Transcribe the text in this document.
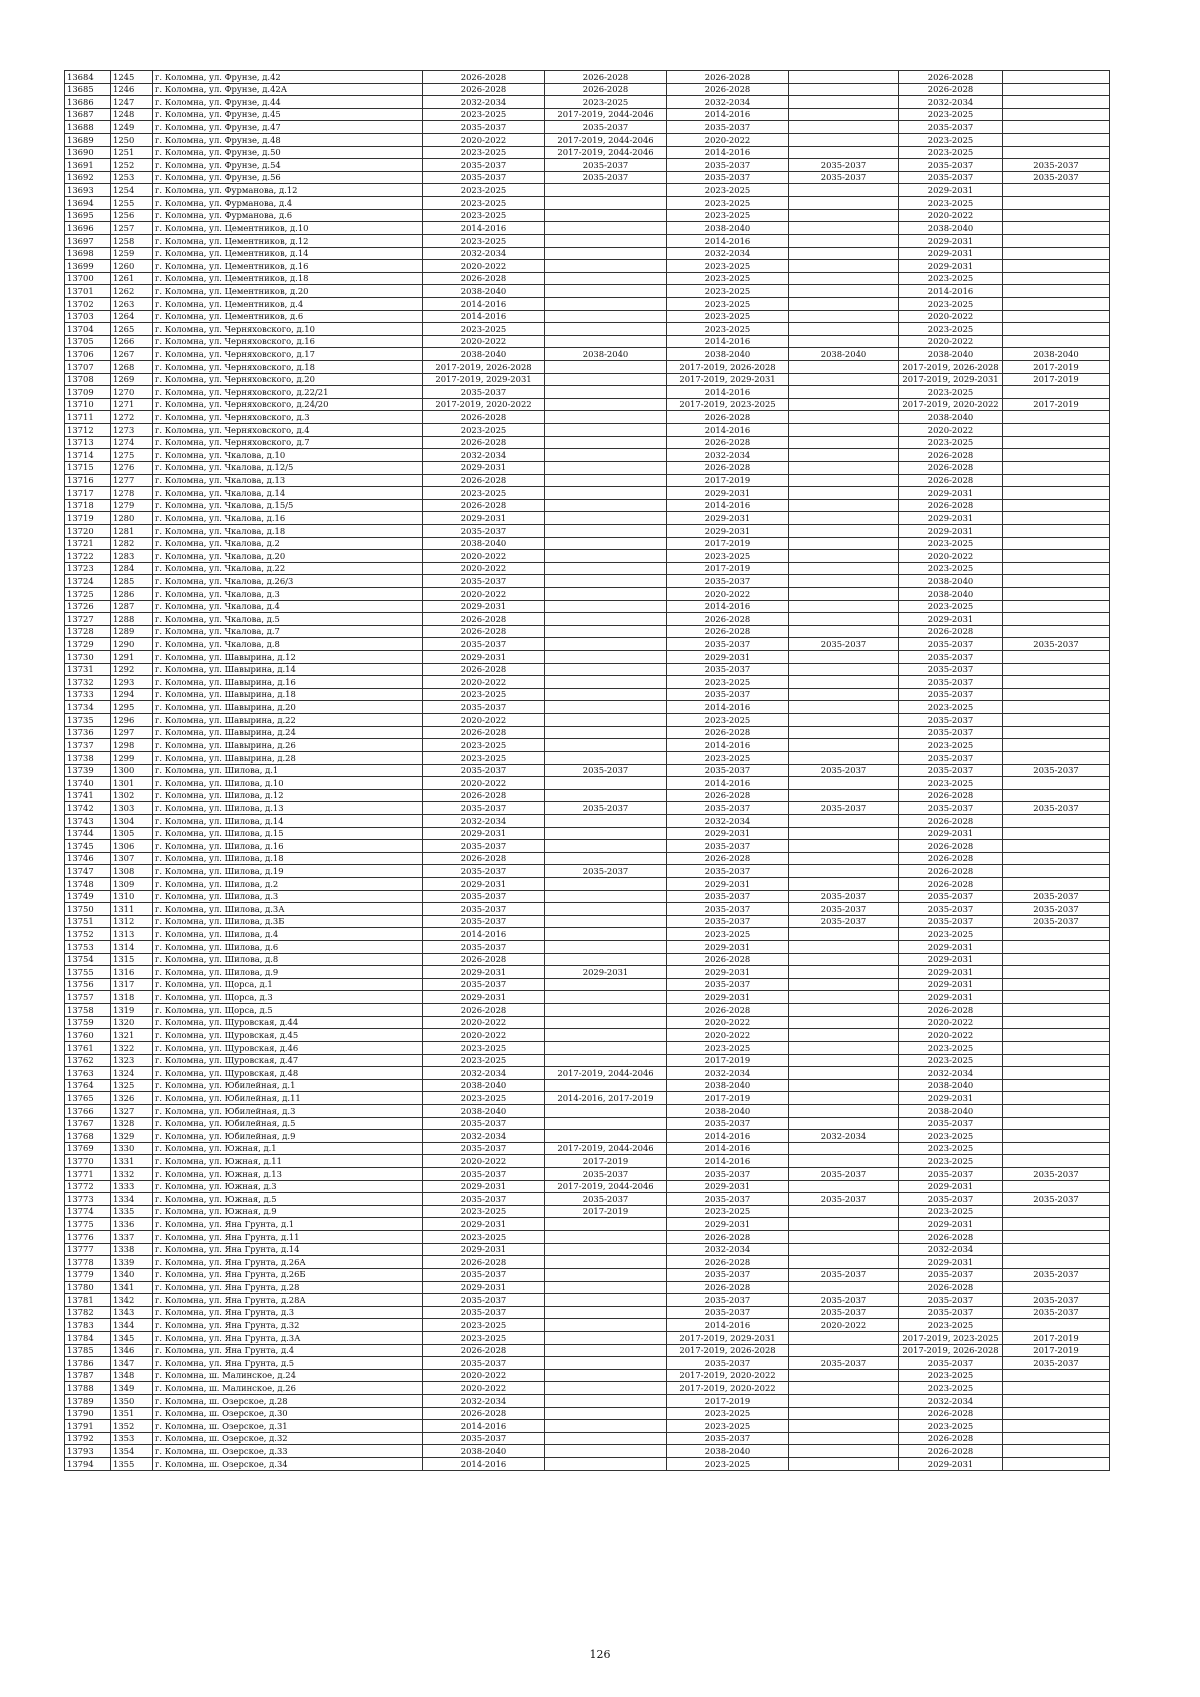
13684	1245	г. Коломна, ул. Фрунзе, д.42	2026-2028	2026-2028	2026-2028		2026-2028	
13685	1246	г. Коломна, ул. Фрунзе, д.42А	2026-2028	2026-2028	2026-2028		2026-2028	
13686	1247	г. Коломна, ул. Фрунзе, д.44	2032-2034	2023-2025	2032-2034		2032-2034	
13687	1248	г. Коломна, ул. Фрунзе, д.45	2023-2025	2017-2019, 2044-2046	2014-2016		2023-2025	
13688	1249	г. Коломна, ул. Фрунзе, д.47	2035-2037	2035-2037	2035-2037		2035-2037	
13689	1250	г. Коломна, ул. Фрунзе, д.48	2020-2022	2017-2019, 2044-2046	2020-2022		2023-2025	
13690	1251	г. Коломна, ул. Фрунзе, д.50	2023-2025	2017-2019, 2044-2046	2014-2016		2023-2025	
13691	1252	г. Коломна, ул. Фрунзе, д.54	2035-2037	2035-2037	2035-2037	2035-2037	2035-2037	2035-2037
13692	1253	г. Коломна, ул. Фрунзе, д.56	2035-2037	2035-2037	2035-2037	2035-2037	2035-2037	2035-2037
13693	1254	г. Коломна, ул. Фурманова, д.12	2023-2025		2023-2025		2029-2031	
13694	1255	г. Коломна, ул. Фурманова, д.4	2023-2025		2023-2025		2023-2025	
13695	1256	г. Коломна, ул. Фурманова, д.6	2023-2025		2023-2025		2020-2022	
13696	1257	г. Коломна, ул. Цементников, д.10	2014-2016		2038-2040		2038-2040	
13697	1258	г. Коломна, ул. Цементников, д.12	2023-2025		2014-2016		2029-2031	
13698	1259	г. Коломна, ул. Цементников, д.14	2032-2034		2032-2034		2029-2031	
13699	1260	г. Коломна, ул. Цементников, д.16	2020-2022		2023-2025		2029-2031	
13700	1261	г. Коломна, ул. Цементников, д.18	2026-2028		2023-2025		2023-2025	
13701	1262	г. Коломна, ул. Цементников, д.20	2038-2040		2023-2025		2014-2016	
13702	1263	г. Коломна, ул. Цементников, д.4	2014-2016		2023-2025		2023-2025	
13703	1264	г. Коломна, ул. Цементников, д.6	2014-2016		2023-2025		2020-2022	
13704	1265	г. Коломна, ул. Черняховского, д.10	2023-2025		2023-2025		2023-2025	
13705	1266	г. Коломна, ул. Черняховского, д.16	2020-2022		2014-2016		2020-2022	
13706	1267	г. Коломна, ул. Черняховского, д.17	2038-2040	2038-2040	2038-2040	2038-2040	2038-2040	2038-2040
13707	1268	г. Коломна, ул. Черняховского, д.18	2017-2019, 2026-2028		2017-2019, 2026-2028		2017-2019, 2026-2028	2017-2019
13708	1269	г. Коломна, ул. Черняховского, д.20	2017-2019, 2029-2031		2017-2019, 2029-2031		2017-2019, 2029-2031	2017-2019
13709	1270	г. Коломна, ул. Черняховского, д.22/21	2035-2037		2014-2016		2023-2025	
13710	1271	г. Коломна, ул. Черняховского, д.24/20	2017-2019, 2020-2022		2017-2019, 2023-2025		2017-2019, 2020-2022	2017-2019
13711	1272	г. Коломна, ул. Черняховского, д.3	2026-2028		2026-2028		2038-2040	
13712	1273	г. Коломна, ул. Черняховского, д.4	2023-2025		2014-2016		2020-2022	
13713	1274	г. Коломна, ул. Черняховского, д.7	2026-2028		2026-2028		2023-2025	
13714	1275	г. Коломна, ул. Чкалова, д.10	2032-2034		2032-2034		2026-2028	
13715	1276	г. Коломна, ул. Чкалова, д.12/5	2029-2031		2026-2028		2026-2028	
13716	1277	г. Коломна, ул. Чкалова, д.13	2026-2028		2017-2019		2026-2028	
13717	1278	г. Коломна, ул. Чкалова, д.14	2023-2025		2029-2031		2029-2031	
13718	1279	г. Коломна, ул. Чкалова, д.15/5	2026-2028		2014-2016		2026-2028	
13719	1280	г. Коломна, ул. Чкалова, д.16	2029-2031		2029-2031		2029-2031	
13720	1281	г. Коломна, ул. Чкалова, д.18	2035-2037		2029-2031		2029-2031	
13721	1282	г. Коломна, ул. Чкалова, д.2	2038-2040		2017-2019		2023-2025	
13722	1283	г. Коломна, ул. Чкалова, д.20	2020-2022		2023-2025		2020-2022	
13723	1284	г. Коломна, ул. Чкалова, д.22	2020-2022		2017-2019		2023-2025	
13724	1285	г. Коломна, ул. Чкалова, д.26/3	2035-2037		2035-2037		2038-2040	
13725	1286	г. Коломна, ул. Чкалова, д.3	2020-2022		2020-2022		2038-2040	
13726	1287	г. Коломна, ул. Чкалова, д.4	2029-2031		2014-2016		2023-2025	
13727	1288	г. Коломна, ул. Чкалова, д.5	2026-2028		2026-2028		2029-2031	
13728	1289	г. Коломна, ул. Чкалова, д.7	2026-2028		2026-2028		2026-2028	
13729	1290	г. Коломна, ул. Чкалова, д.8	2035-2037		2035-2037	2035-2037	2035-2037	2035-2037
13730	1291	г. Коломна, ул. Шавырина, д.12	2029-2031		2029-2031		2035-2037	
13731	1292	г. Коломна, ул. Шавырина, д.14	2026-2028		2035-2037		2035-2037	
13732	1293	г. Коломна, ул. Шавырина, д.16	2020-2022		2023-2025		2035-2037	
13733	1294	г. Коломна, ул. Шавырина, д.18	2023-2025		2035-2037		2035-2037	
13734	1295	г. Коломна, ул. Шавырина, д.20	2035-2037		2014-2016		2023-2025	
13735	1296	г. Коломна, ул. Шавырина, д.22	2020-2022		2023-2025		2035-2037	
13736	1297	г. Коломна, ул. Шавырина, д.24	2026-2028		2026-2028		2035-2037	
13737	1298	г. Коломна, ул. Шавырина, д.26	2023-2025		2014-2016		2023-2025	
13738	1299	г. Коломна, ул. Шавырина, д.28	2023-2025		2023-2025		2035-2037	
13739	1300	г. Коломна, ул. Шилова, д.1	2035-2037	2035-2037	2035-2037	2035-2037	2035-2037	2035-2037
13740	1301	г. Коломна, ул. Шилова, д.10	2020-2022		2014-2016		2023-2025	
13741	1302	г. Коломна, ул. Шилова, д.12	2026-2028		2026-2028		2026-2028	
13742	1303	г. Коломна, ул. Шилова, д.13	2035-2037	2035-2037	2035-2037	2035-2037	2035-2037	2035-2037
13743	1304	г. Коломна, ул. Шилова, д.14	2032-2034		2032-2034		2026-2028	
13744	1305	г. Коломна, ул. Шилова, д.15	2029-2031		2029-2031		2029-2031	
13745	1306	г. Коломна, ул. Шилова, д.16	2035-2037		2035-2037		2026-2028	
13746	1307	г. Коломна, ул. Шилова, д.18	2026-2028		2026-2028		2026-2028	
13747	1308	г. Коломна, ул. Шилова, д.19	2035-2037	2035-2037	2035-2037		2026-2028	
13748	1309	г. Коломна, ул. Шилова, д.2	2029-2031		2029-2031		2026-2028	
13749	1310	г. Коломна, ул. Шилова, д.3	2035-2037		2035-2037	2035-2037	2035-2037	2035-2037
13750	1311	г. Коломна, ул. Шилова, д.3А	2035-2037		2035-2037	2035-2037	2035-2037	2035-2037
13751	1312	г. Коломна, ул. Шилова, д.3Б	2035-2037		2035-2037	2035-2037	2035-2037	2035-2037
13752	1313	г. Коломна, ул. Шилова, д.4	2014-2016		2023-2025		2023-2025	
13753	1314	г. Коломна, ул. Шилова, д.6	2035-2037		2029-2031		2029-2031	
13754	1315	г. Коломна, ул. Шилова, д.8	2026-2028		2026-2028		2029-2031	
13755	1316	г. Коломна, ул. Шилова, д.9	2029-2031	2029-2031	2029-2031		2029-2031	
13756	1317	г. Коломна, ул. Щорса, д.1	2035-2037		2035-2037		2029-2031	
13757	1318	г. Коломна, ул. Щорса, д.3	2029-2031		2029-2031		2029-2031	
13758	1319	г. Коломна, ул. Щорса, д.5	2026-2028		2026-2028		2026-2028	
13759	1320	г. Коломна, ул. Щуровская, д.44	2020-2022		2020-2022		2020-2022	
13760	1321	г. Коломна, ул. Щуровская, д.45	2020-2022		2020-2022		2020-2022	
13761	1322	г. Коломна, ул. Щуровская, д.46	2023-2025		2023-2025		2023-2025	
13762	1323	г. Коломна, ул. Щуровская, д.47	2023-2025		2017-2019		2023-2025	
13763	1324	г. Коломна, ул. Щуровская, д.48	2032-2034	2017-2019, 2044-2046	2032-2034		2032-2034	
13764	1325	г. Коломна, ул. Юбилейная, д.1	2038-2040		2038-2040		2038-2040	
13765	1326	г. Коломна, ул. Юбилейная, д.11	2023-2025	2014-2016, 2017-2019	2017-2019		2029-2031	
13766	1327	г. Коломна, ул. Юбилейная, д.3	2038-2040		2038-2040		2038-2040	
13767	1328	г. Коломна, ул. Юбилейная, д.5	2035-2037		2035-2037		2035-2037	
13768	1329	г. Коломна, ул. Юбилейная, д.9	2032-2034		2014-2016	2032-2034	2023-2025	
13769	1330	г. Коломна, ул. Южная, д.1	2035-2037	2017-2019, 2044-2046	2014-2016		2023-2025	
13770	1331	г. Коломна, ул. Южная, д.11	2020-2022	2017-2019	2014-2016		2023-2025	
13771	1332	г. Коломна, ул. Южная, д.13	2035-2037	2035-2037	2035-2037	2035-2037	2035-2037	2035-2037
13772	1333	г. Коломна, ул. Южная, д.3	2029-2031	2017-2019, 2044-2046	2029-2031		2029-2031	
13773	1334	г. Коломна, ул. Южная, д.5	2035-2037	2035-2037	2035-2037	2035-2037	2035-2037	2035-2037
13774	1335	г. Коломна, ул. Южная, д.9	2023-2025	2017-2019	2023-2025		2023-2025	
13775	1336	г. Коломна, ул. Яна Грунта, д.1	2029-2031		2029-2031		2029-2031	
13776	1337	г. Коломна, ул. Яна Грунта, д.11	2023-2025		2026-2028		2026-2028	
13777	1338	г. Коломна, ул. Яна Грунта, д.14	2029-2031		2032-2034		2032-2034	
13778	1339	г. Коломна, ул. Яна Грунта, д.26А	2026-2028		2026-2028		2029-2031	
13779	1340	г. Коломна, ул. Яна Грунта, д.26Б	2035-2037		2035-2037	2035-2037	2035-2037	2035-2037
13780	1341	г. Коломна, ул. Яна Грунта, д.28	2029-2031		2026-2028		2026-2028	
13781	1342	г. Коломна, ул. Яна Грунта, д.28А	2035-2037		2035-2037	2035-2037	2035-2037	2035-2037
13782	1343	г. Коломна, ул. Яна Грунта, д.3	2035-2037		2035-2037	2035-2037	2035-2037	2035-2037
13783	1344	г. Коломна, ул. Яна Грунта, д.32	2023-2025		2014-2016	2020-2022	2023-2025	
13784	1345	г. Коломна, ул. Яна Грунта, д.3А	2023-2025		2017-2019, 2029-2031		2017-2019, 2023-2025	2017-2019
13785	1346	г. Коломна, ул. Яна Грунта, д.4	2026-2028		2017-2019, 2026-2028		2017-2019, 2026-2028	2017-2019
13786	1347	г. Коломна, ул. Яна Грунта, д.5	2035-2037		2035-2037	2035-2037	2035-2037	2035-2037
13787	1348	г. Коломна, ш. Малинское, д.24	2020-2022		2017-2019, 2020-2022		2023-2025	
13788	1349	г. Коломна, ш. Малинское, д.26	2020-2022		2017-2019, 2020-2022		2023-2025	
13789	1350	г. Коломна, ш. Озерское, д.28	2032-2034		2017-2019		2032-2034	
13790	1351	г. Коломна, ш. Озерское, д.30	2026-2028		2023-2025		2026-2028	
13791	1352	г. Коломна, ш. Озерское, д.31	2014-2016		2023-2025		2023-2025	
13792	1353	г. Коломна, ш. Озерское, д.32	2035-2037		2035-2037		2026-2028	
13793	1354	г. Коломна, ш. Озерское, д.33	2038-2040		2038-2040		2026-2028	
13794	1355	г. Коломна, ш. Озерское, д.34	2014-2016		2023-2025		2029-2031	
126
